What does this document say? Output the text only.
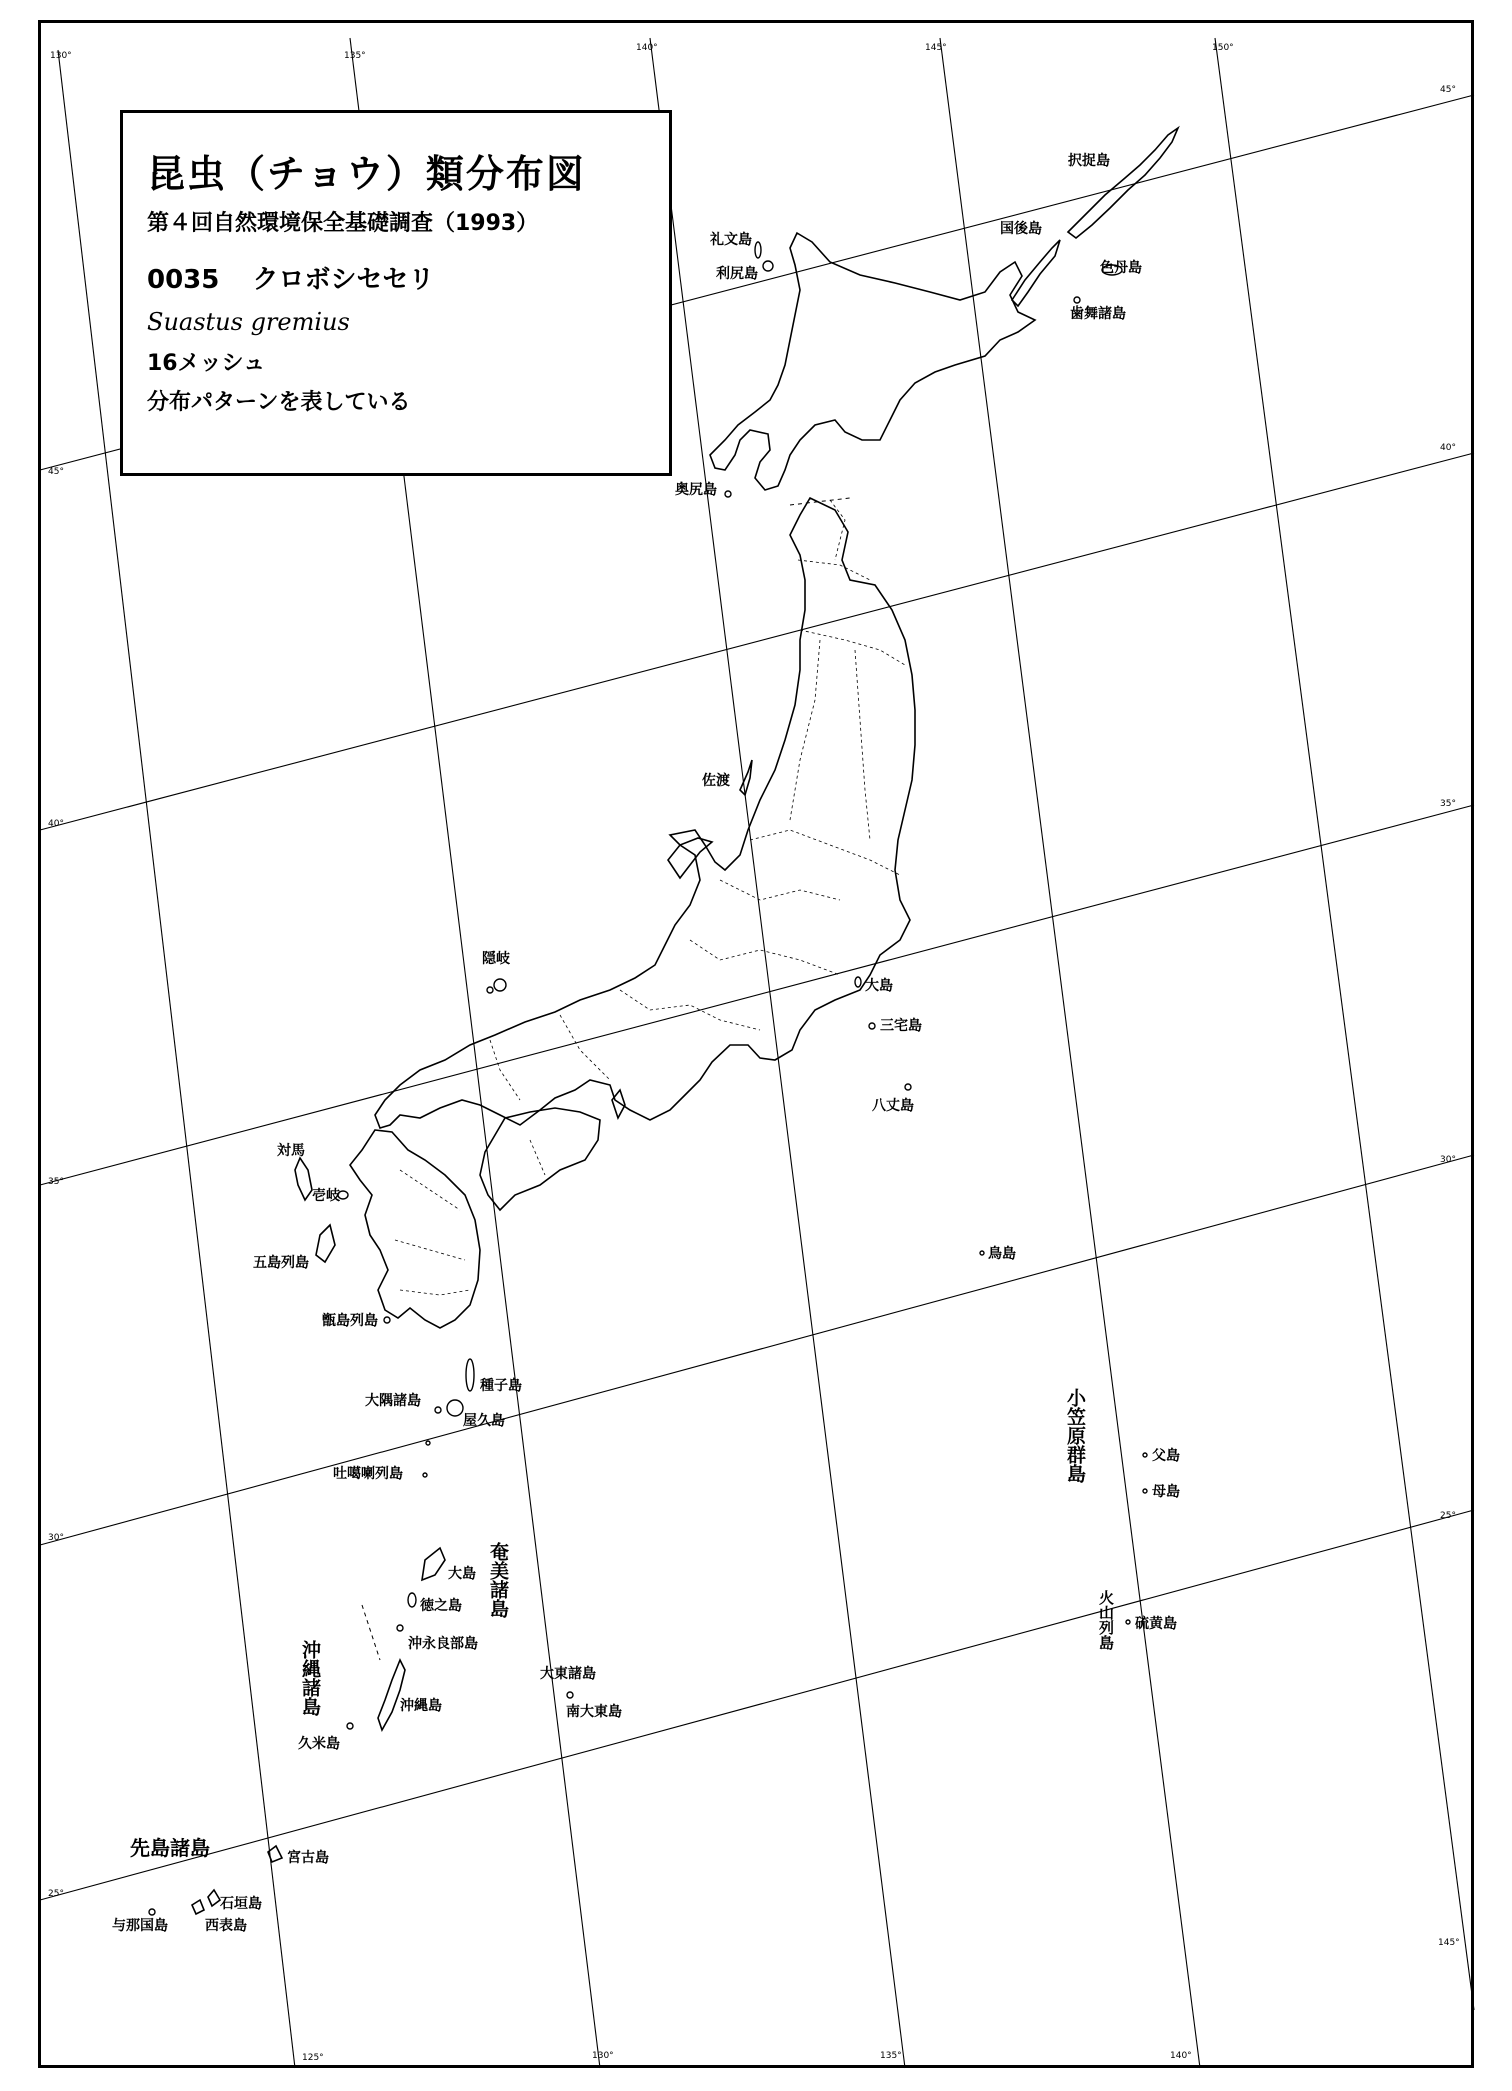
130°	135°
140°	145°	150°
125°	130°	135°	140°
145°
45°
40°
35°
30°
25°
45°
40°
35°
30°
25°
択捉島
国後島
色丹島
歯舞諸島
礼文島
利尻島
奥尻島
佐渡
隠岐
大島
三宅島
八丈島
鳥島
対馬
壱岐
五島列島
甑島列島
種子島
大隅諸島
屋久島
吐噶喇列島
奄美諸島
大島
徳之島
沖永良部島
沖縄諸島	沖縄島
久米島
大東諸島
南大東島
小笠原群島	父島
母島
火山列島 硫黄島
先島諸島	宮古島
石垣島
与那国島	西表島
昆虫（チョウ）類分布図
第４回自然環境保全基礎調査（1993）
0035 クロボシセセリ
Suastus gremius
16メッシュ
分布パターンを表している
